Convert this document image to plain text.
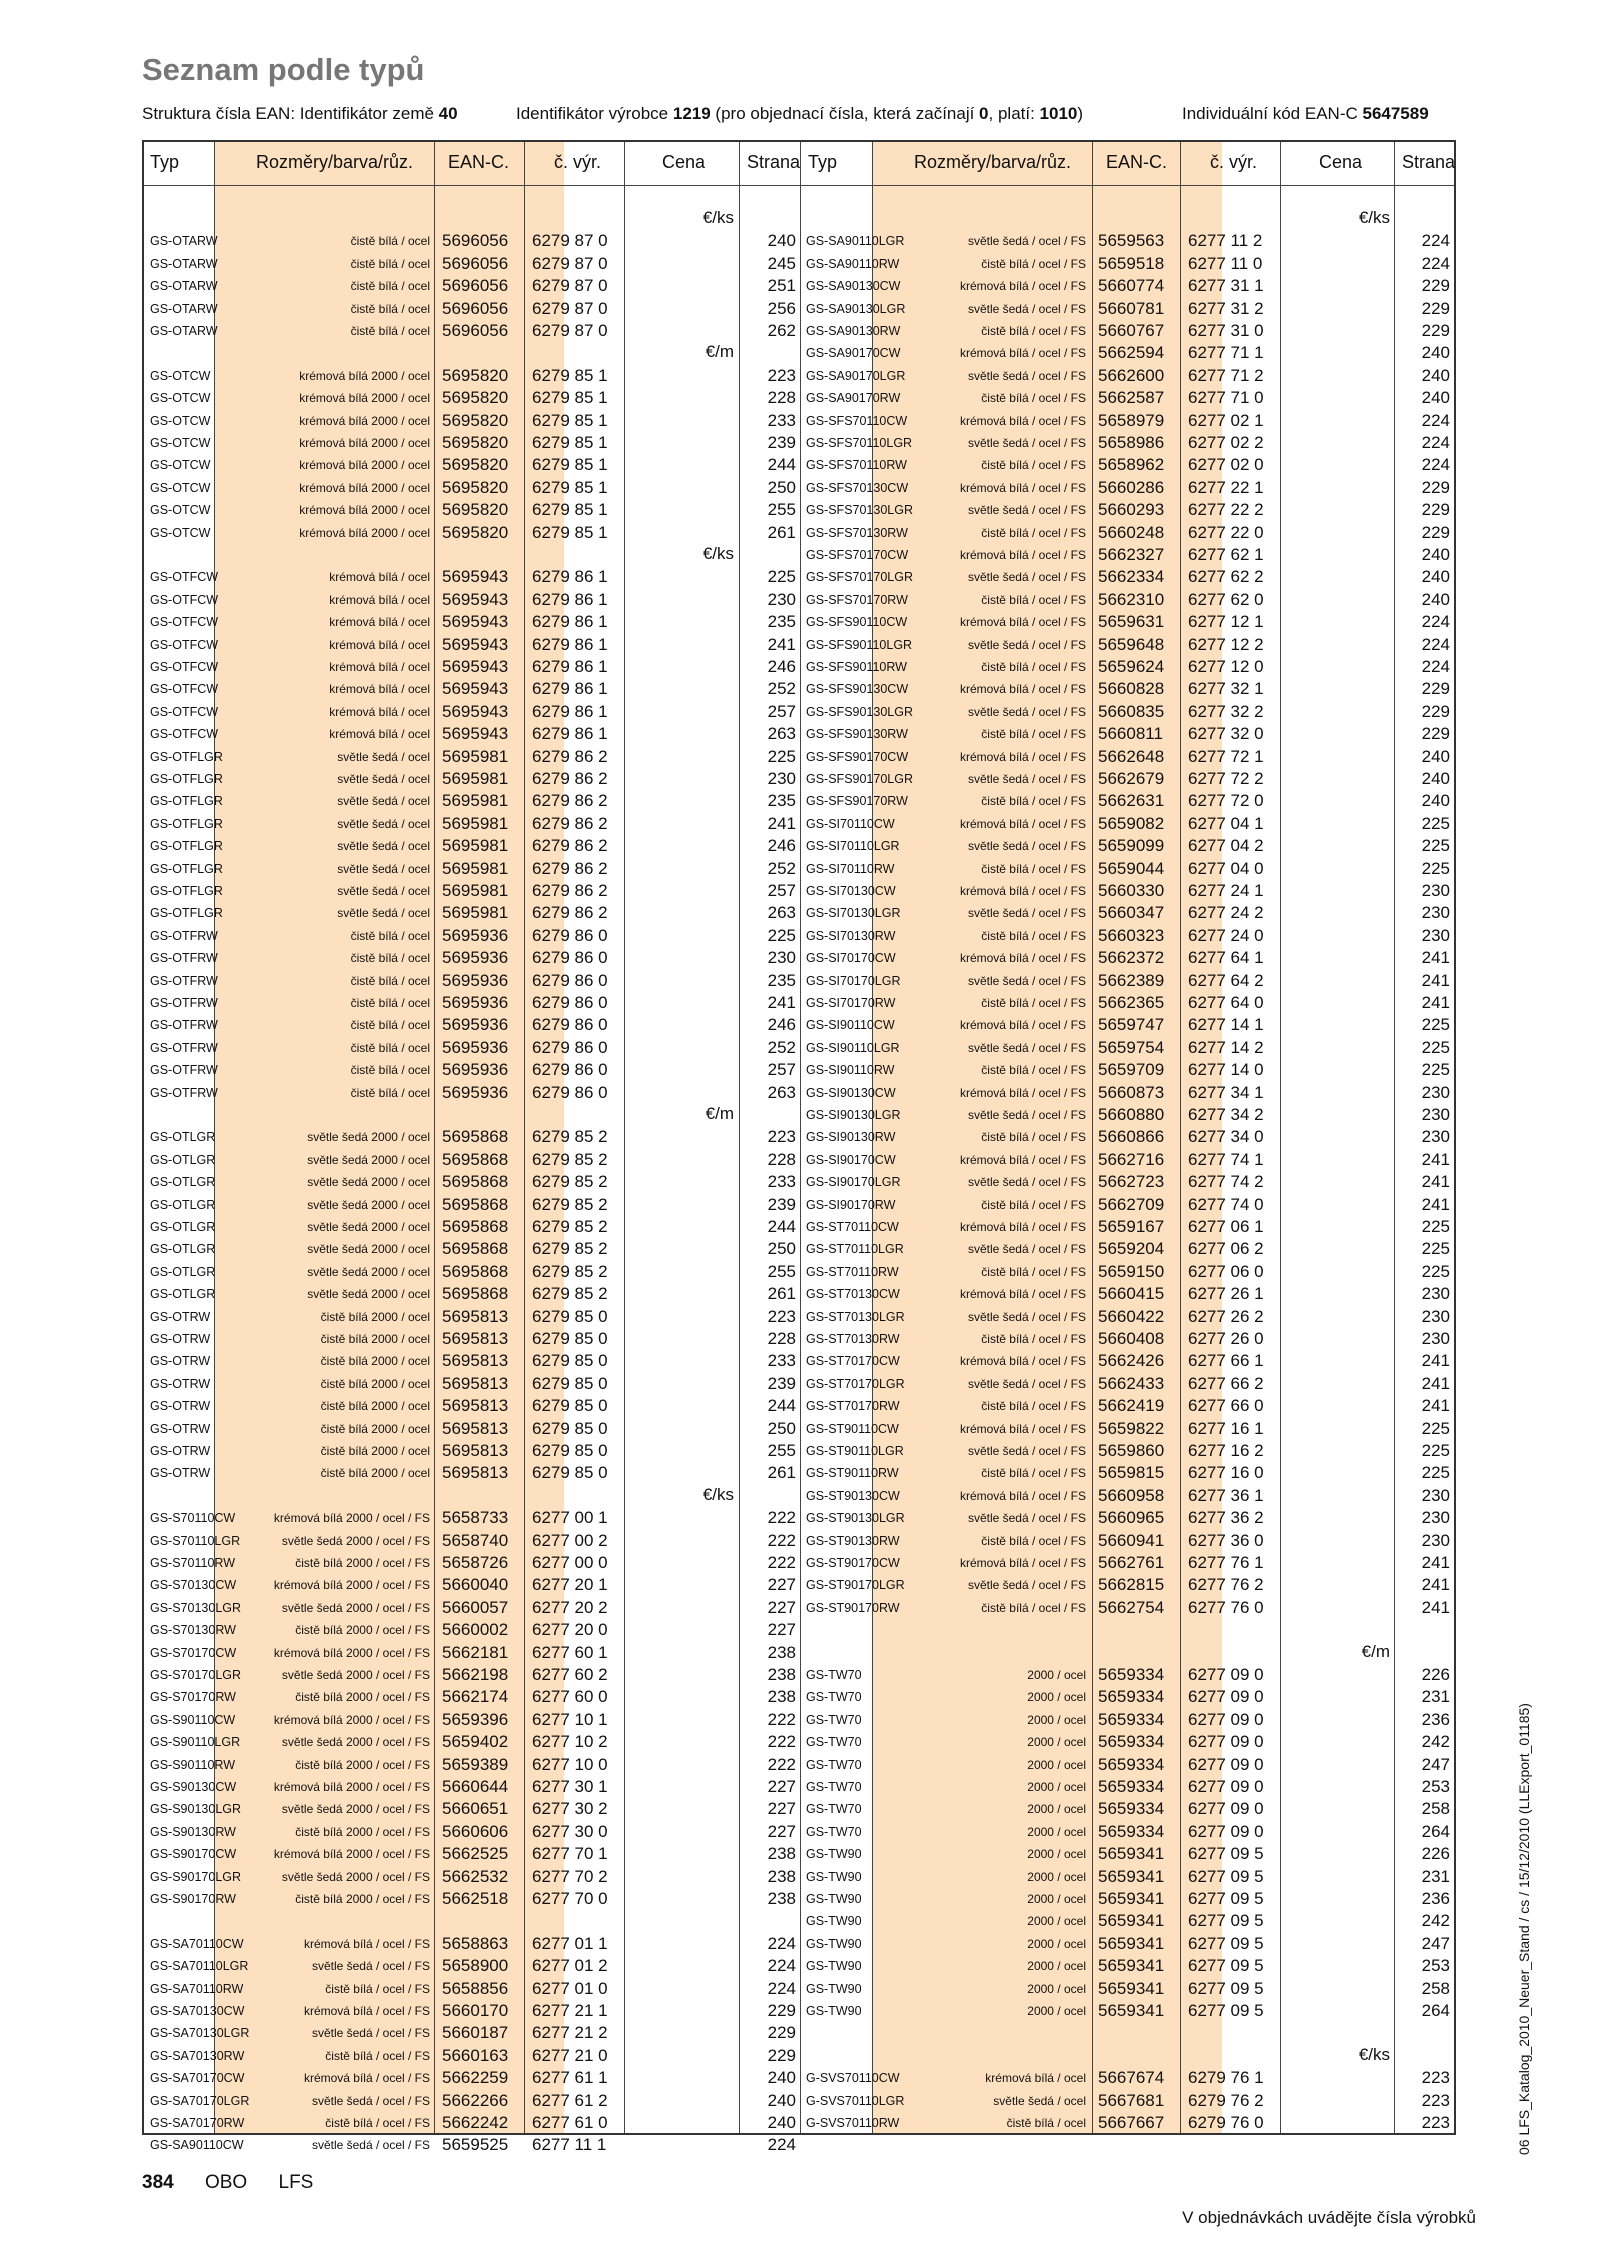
Seznam podle typů
Struktura čísla EAN: Identifikátor země 40	Identifikátor výrobce 1219 (pro objednací čísla, která začínají 0, platí: 1010)	Individuální kód EAN-C 5647589
Typ	Rozměry/barva/růz. EAN-C. č. výr.	Cena Strana Typ	Rozměry/barva/růz. EAN-C. č. výr.	Cena Strana
€/ks
€/m
€/ks
€/m
€/ks
GS-OTARW	čistě bílá / ocel 5696056 6279 87 0	240
GS-OTARW	čistě bílá / ocel 5696056 6279 87 0	245
GS-OTARW	čistě bílá / ocel 5696056 6279 87 0	251
GS-OTARW	čistě bílá / ocel 5696056 6279 87 0	256
GS-OTARW	čistě bílá / ocel 5696056 6279 87 0	262
GS-OTCW	krémová bílá 2000 / ocel 5695820 6279 85 1	223
GS-OTCW	krémová bílá 2000 / ocel 5695820 6279 85 1	228
GS-OTCW	krémová bílá 2000 / ocel 5695820 6279 85 1	233
GS-OTCW	krémová bílá 2000 / ocel 5695820 6279 85 1	239
GS-OTCW	krémová bílá 2000 / ocel 5695820 6279 85 1	244
GS-OTCW	krémová bílá 2000 / ocel 5695820 6279 85 1	250
GS-OTCW	krémová bílá 2000 / ocel 5695820 6279 85 1	255
GS-OTCW	krémová bílá 2000 / ocel 5695820 6279 85 1	261
GS-OTFCW	krémová bílá / ocel 5695943 6279 86 1	225
GS-OTFCW	krémová bílá / ocel 5695943 6279 86 1	230
GS-OTFCW	krémová bílá / ocel 5695943 6279 86 1	235
GS-OTFCW	krémová bílá / ocel 5695943 6279 86 1	241
GS-OTFCW	krémová bílá / ocel 5695943 6279 86 1	246
GS-OTFCW	krémová bílá / ocel 5695943 6279 86 1	252
GS-OTFCW	krémová bílá / ocel 5695943 6279 86 1	257
GS-OTFCW	krémová bílá / ocel 5695943 6279 86 1	263
GS-OTFLGR	světle šedá / ocel 5695981 6279 86 2	225
GS-OTFLGR	světle šedá / ocel 5695981 6279 86 2	230
GS-OTFLGR	světle šedá / ocel 5695981 6279 86 2	235
GS-OTFLGR	světle šedá / ocel 5695981 6279 86 2	241
GS-OTFLGR	světle šedá / ocel 5695981 6279 86 2	246
GS-OTFLGR	světle šedá / ocel 5695981 6279 86 2	252
GS-OTFLGR	světle šedá / ocel 5695981 6279 86 2	257
GS-OTFLGR	světle šedá / ocel 5695981 6279 86 2	263
GS-OTFRW	čistě bílá / ocel 5695936 6279 86 0	225
GS-OTFRW	čistě bílá / ocel 5695936 6279 86 0	230
GS-OTFRW	čistě bílá / ocel 5695936 6279 86 0	235
GS-OTFRW	čistě bílá / ocel 5695936 6279 86 0	241
GS-OTFRW	čistě bílá / ocel 5695936 6279 86 0	246
GS-OTFRW	čistě bílá / ocel 5695936 6279 86 0	252
GS-OTFRW	čistě bílá / ocel 5695936 6279 86 0	257
GS-OTFRW	čistě bílá / ocel 5695936 6279 86 0	263
GS-OTLGR	světle šedá 2000 / ocel 5695868 6279 85 2	223
GS-OTLGR	světle šedá 2000 / ocel 5695868 6279 85 2	228
GS-OTLGR	světle šedá 2000 / ocel 5695868 6279 85 2	233
GS-OTLGR	světle šedá 2000 / ocel 5695868 6279 85 2	239
GS-OTLGR	světle šedá 2000 / ocel 5695868 6279 85 2	244
GS-OTLGR	světle šedá 2000 / ocel 5695868 6279 85 2	250
GS-OTLGR	světle šedá 2000 / ocel 5695868 6279 85 2	255
GS-OTLGR	světle šedá 2000 / ocel 5695868 6279 85 2	261
GS-OTRW	čistě bílá 2000 / ocel 5695813 6279 85 0	223
GS-OTRW	čistě bílá 2000 / ocel 5695813 6279 85 0	228
GS-OTRW	čistě bílá 2000 / ocel 5695813 6279 85 0	233
GS-OTRW	čistě bílá 2000 / ocel 5695813 6279 85 0	239
GS-OTRW	čistě bílá 2000 / ocel 5695813 6279 85 0	244
GS-OTRW	čistě bílá 2000 / ocel 5695813 6279 85 0	250
GS-OTRW	čistě bílá 2000 / ocel 5695813 6279 85 0	255
GS-OTRW	čistě bílá 2000 / ocel 5695813 6279 85 0	261
GS-S70110CW	krémová bílá 2000 / ocel / FS 5658733 6277 00 1	222
GS-S70110LGR	světle šedá 2000 / ocel / FS 5658740 6277 00 2	222
GS-S70110RW	čistě bílá 2000 / ocel / FS 5658726 6277 00 0	222
GS-S70130CW	krémová bílá 2000 / ocel / FS 5660040 6277 20 1	227
GS-S70130LGR	světle šedá 2000 / ocel / FS 5660057 6277 20 2	227
GS-S70130RW	čistě bílá 2000 / ocel / FS 5660002 6277 20 0	227
GS-S70170CW	krémová bílá 2000 / ocel / FS 5662181 6277 60 1	238
GS-S70170LGR	světle šedá 2000 / ocel / FS 5662198 6277 60 2	238
GS-S70170RW	čistě bílá 2000 / ocel / FS 5662174 6277 60 0	238
GS-S90110CW	krémová bílá 2000 / ocel / FS 5659396 6277 10 1	222
GS-S90110LGR	světle šedá 2000 / ocel / FS 5659402 6277 10 2	222
GS-S90110RW	čistě bílá 2000 / ocel / FS 5659389 6277 10 0	222
GS-S90130CW	krémová bílá 2000 / ocel / FS 5660644 6277 30 1	227
GS-S90130LGR	světle šedá 2000 / ocel / FS 5660651 6277 30 2	227
GS-S90130RW	čistě bílá 2000 / ocel / FS 5660606 6277 30 0	227
GS-S90170CW	krémová bílá 2000 / ocel / FS 5662525 6277 70 1	238
GS-S90170LGR	světle šedá 2000 / ocel / FS 5662532 6277 70 2	238
GS-S90170RW	čistě bílá 2000 / ocel / FS 5662518 6277 70 0	238
GS-SA70110CW	krémová bílá / ocel / FS 5658863 6277 01 1	224
GS-SA70110LGR	světle šedá / ocel / FS 5658900 6277 01 2	224
GS-SA70110RW	čistě bílá / ocel / FS 5658856 6277 01 0	224
GS-SA70130CW	krémová bílá / ocel / FS 5660170 6277 21 1	229
GS-SA70130LGR	světle šedá / ocel / FS 5660187 6277 21 2	229
GS-SA70130RW	čistě bílá / ocel / FS 5660163 6277 21 0	229
GS-SA70170CW	krémová bílá / ocel / FS 5662259 6277 61 1	240
GS-SA70170LGR	světle šedá / ocel / FS 5662266 6277 61 2	240
GS-SA70170RW	čistě bílá / ocel / FS 5662242 6277 61 0	240
GS-SA90110CW	světle šedá / ocel / FS 5659525 6277 11 1	224
€/ks
€/m
€/ks
GS-SA90110LGR	světle šedá / ocel / FS 5659563 6277 11 2	224
GS-SA90110RW	čistě bílá / ocel / FS 5659518 6277 11 0	224
GS-SA90130CW	krémová bílá / ocel / FS 5660774 6277 31 1	229
GS-SA90130LGR	světle šedá / ocel / FS 5660781 6277 31 2	229
GS-SA90130RW	čistě bílá / ocel / FS 5660767 6277 31 0	229
GS-SA90170CW	krémová bílá / ocel / FS 5662594 6277 71 1	240
GS-SA90170LGR	světle šedá / ocel / FS 5662600 6277 71 2	240
GS-SA90170RW	čistě bílá / ocel / FS 5662587 6277 71 0	240
GS-SFS70110CW	krémová bílá / ocel / FS 5658979 6277 02 1	224
GS-SFS70110LGR	světle šedá / ocel / FS 5658986 6277 02 2	224
GS-SFS70110RW	čistě bílá / ocel / FS 5658962 6277 02 0	224
GS-SFS70130CW	krémová bílá / ocel / FS 5660286 6277 22 1	229
GS-SFS70130LGR	světle šedá / ocel / FS 5660293 6277 22 2	229
GS-SFS70130RW	čistě bílá / ocel / FS 5660248 6277 22 0	229
GS-SFS70170CW	krémová bílá / ocel / FS 5662327 6277 62 1	240
GS-SFS70170LGR	světle šedá / ocel / FS 5662334 6277 62 2	240
GS-SFS70170RW	čistě bílá / ocel / FS 5662310 6277 62 0	240
GS-SFS90110CW	krémová bílá / ocel / FS 5659631 6277 12 1	224
GS-SFS90110LGR	světle šedá / ocel / FS 5659648 6277 12 2	224
GS-SFS90110RW	čistě bílá / ocel / FS 5659624 6277 12 0	224
GS-SFS90130CW	krémová bílá / ocel / FS 5660828 6277 32 1	229
GS-SFS90130LGR	světle šedá / ocel / FS 5660835 6277 32 2	229
GS-SFS90130RW	čistě bílá / ocel / FS 5660811 6277 32 0	229
GS-SFS90170CW	krémová bílá / ocel / FS 5662648 6277 72 1	240
GS-SFS90170LGR	světle šedá / ocel / FS 5662679 6277 72 2	240
GS-SFS90170RW	čistě bílá / ocel / FS 5662631 6277 72 0	240
GS-SI70110CW	krémová bílá / ocel / FS 5659082 6277 04 1	225
GS-SI70110LGR	světle šedá / ocel / FS 5659099 6277 04 2	225
GS-SI70110RW	čistě bílá / ocel / FS 5659044 6277 04 0	225
GS-SI70130CW	krémová bílá / ocel / FS 5660330 6277 24 1	230
GS-SI70130LGR	světle šedá / ocel / FS 5660347 6277 24 2	230
GS-SI70130RW	čistě bílá / ocel / FS 5660323 6277 24 0	230
GS-SI70170CW	krémová bílá / ocel / FS 5662372 6277 64 1	241
GS-SI70170LGR	světle šedá / ocel / FS 5662389 6277 64 2	241
GS-SI70170RW	čistě bílá / ocel / FS 5662365 6277 64 0	241
GS-SI90110CW	krémová bílá / ocel / FS 5659747 6277 14 1	225
GS-SI90110LGR	světle šedá / ocel / FS 5659754 6277 14 2	225
GS-SI90110RW	čistě bílá / ocel / FS 5659709 6277 14 0	225
GS-SI90130CW	krémová bílá / ocel / FS 5660873 6277 34 1	230
GS-SI90130LGR	světle šedá / ocel / FS 5660880 6277 34 2	230
GS-SI90130RW	čistě bílá / ocel / FS 5660866 6277 34 0	230
GS-SI90170CW	krémová bílá / ocel / FS 5662716 6277 74 1	241
GS-SI90170LGR	světle šedá / ocel / FS 5662723 6277 74 2	241
GS-SI90170RW	čistě bílá / ocel / FS 5662709 6277 74 0	241
GS-ST70110CW	krémová bílá / ocel / FS 5659167 6277 06 1	225
GS-ST70110LGR	světle šedá / ocel / FS 5659204 6277 06 2	225
GS-ST70110RW	čistě bílá / ocel / FS 5659150 6277 06 0	225
GS-ST70130CW	krémová bílá / ocel / FS 5660415 6277 26 1	230
GS-ST70130LGR	světle šedá / ocel / FS 5660422 6277 26 2	230
GS-ST70130RW	čistě bílá / ocel / FS 5660408 6277 26 0	230
GS-ST70170CW	krémová bílá / ocel / FS 5662426 6277 66 1	241
GS-ST70170LGR	světle šedá / ocel / FS 5662433 6277 66 2	241
GS-ST70170RW	čistě bílá / ocel / FS 5662419 6277 66 0	241
GS-ST90110CW	krémová bílá / ocel / FS 5659822 6277 16 1	225
GS-ST90110LGR	světle šedá / ocel / FS 5659860 6277 16 2	225
GS-ST90110RW	čistě bílá / ocel / FS 5659815 6277 16 0	225
GS-ST90130CW	krémová bílá / ocel / FS 5660958 6277 36 1	230
GS-ST90130LGR	světle šedá / ocel / FS 5660965 6277 36 2	230
GS-ST90130RW	čistě bílá / ocel / FS 5660941 6277 36 0	230
GS-ST90170CW	krémová bílá / ocel / FS 5662761 6277 76 1	241
GS-ST90170LGR	světle šedá / ocel / FS 5662815 6277 76 2	241
GS-ST90170RW	čistě bílá / ocel / FS 5662754 6277 76 0	241
GS-TW70	2000 / ocel 5659334 6277 09 0	226
GS-TW70	2000 / ocel 5659334 6277 09 0	231
GS-TW70	2000 / ocel 5659334 6277 09 0	236
GS-TW70	2000 / ocel 5659334 6277 09 0	242
GS-TW70	2000 / ocel 5659334 6277 09 0	247
GS-TW70	2000 / ocel 5659334 6277 09 0	253
GS-TW70	2000 / ocel 5659334 6277 09 0	258
GS-TW70	2000 / ocel 5659334 6277 09 0	264
GS-TW90	2000 / ocel 5659341 6277 09 5	226
GS-TW90	2000 / ocel 5659341 6277 09 5	231
GS-TW90	2000 / ocel 5659341 6277 09 5	236
GS-TW90	2000 / ocel 5659341 6277 09 5	242
GS-TW90	2000 / ocel 5659341 6277 09 5	247
GS-TW90	2000 / ocel 5659341 6277 09 5	253
GS-TW90	2000 / ocel 5659341 6277 09 5	258
GS-TW90	2000 / ocel 5659341 6277 09 5	264
G-SVS70110CW	krémová bílá / ocel 5667674 6279 76 1	223
G-SVS70110LGR	světle šedá / ocel 5667681 6279 76 2	223
G-SVS70110RW	čistě bílá / ocel 5667667 6279 76 0	223
384 OBO LFS
V objednávkách uvádějte čísla výrobků
06 LFS_Katalog_2010_Neuer_Stand / cs / 15/12/2010 (LLExport_01185)
